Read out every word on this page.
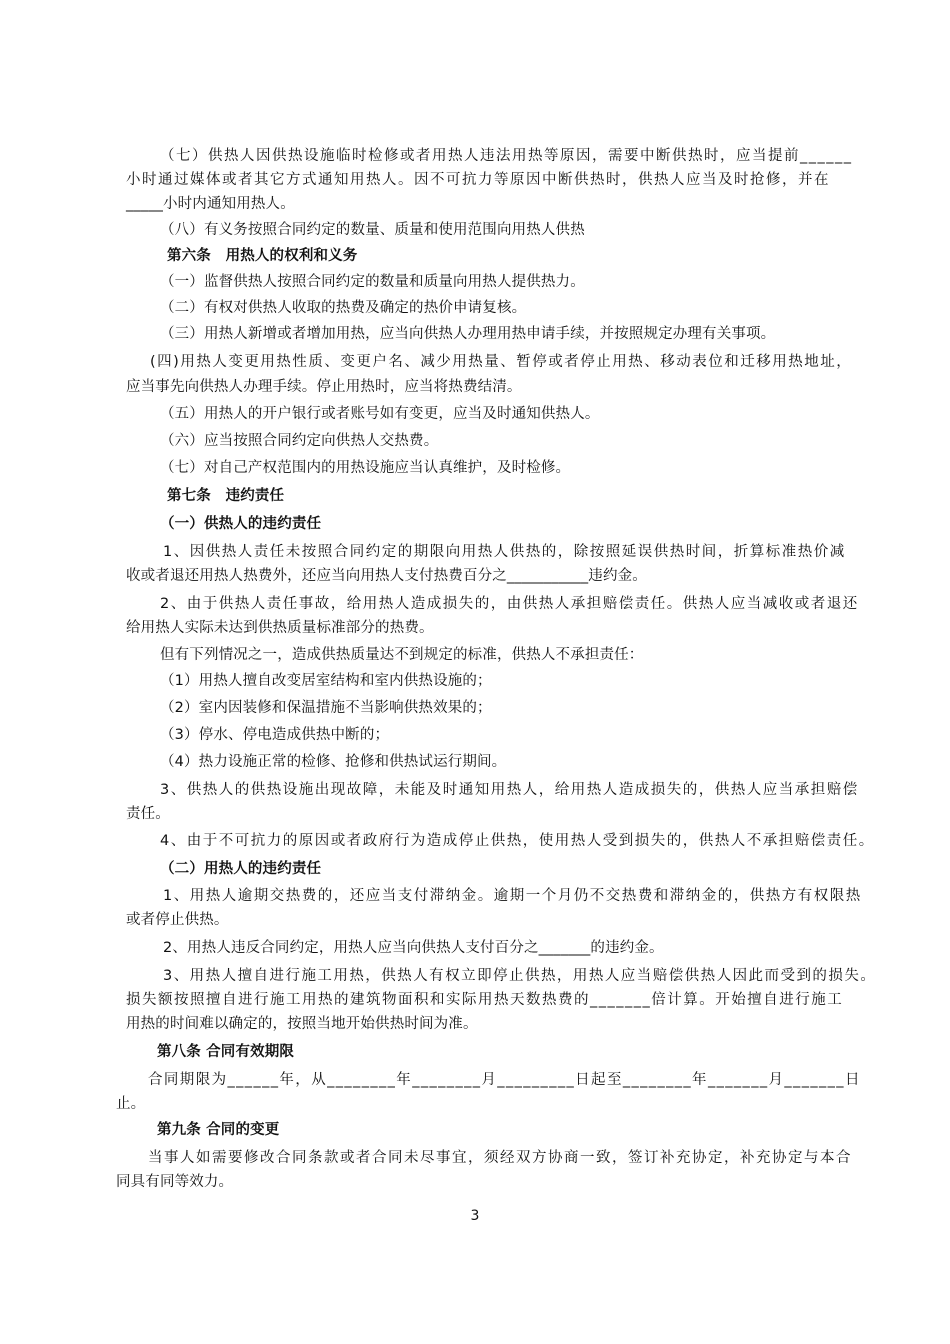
（七）供热人因供热设施临时检修或者用热人违法用热等原因，需要中断供热时，应当提前______
小时通过媒体或者其它方式通知用热人。因不可抗力等原因中断供热时，供热人应当及时抢修，并在
_____小时内通知用热人。
（八）有义务按照合同约定的数量、质量和使用范围向用热人供热
第六条　用热人的权利和义务
（一）监督供热人按照合同约定的数量和质量向用热人提供热力。
（二）有权对供热人收取的热费及确定的热价申请复核。
（三）用热人新增或者增加用热，应当向供热人办理用热申请手续，并按照规定办理有关事项。
(四)用热人变更用热性质、变更户名、减少用热量、暂停或者停止用热、移动表位和迁移用热地址，
应当事先向供热人办理手续。停止用热时，应当将热费结清。
（五）用热人的开户银行或者账号如有变更，应当及时通知供热人。
（六）应当按照合同约定向供热人交热费。
（七）对自己产权范围内的用热设施应当认真维护，及时检修。
第七条　违约责任
（一）供热人的违约责任
1、因供热人责任未按照合同约定的期限向用热人供热的，除按照延误供热时间，折算标准热价减
收或者退还用热人热费外，还应当向用热人支付热费百分之___________违约金。
2、由于供热人责任事故，给用热人造成损失的，由供热人承担赔偿责任。供热人应当减收或者退还
给用热人实际未达到供热质量标准部分的热费。
但有下列情况之一，造成供热质量达不到规定的标准，供热人不承担责任：
（1）用热人擅自改变居室结构和室内供热设施的；
（2）室内因装修和保温措施不当影响供热效果的；
（3）停水、停电造成供热中断的；
（4）热力设施正常的检修、抢修和供热试运行期间。
3、供热人的供热设施出现故障，未能及时通知用热人，给用热人造成损失的，供热人应当承担赔偿
责任。
4、由于不可抗力的原因或者政府行为造成停止供热，使用热人受到损失的，供热人不承担赔偿责任。
（二）用热人的违约责任
1、用热人逾期交热费的，还应当支付滞纳金。逾期一个月仍不交热费和滞纳金的，供热方有权限热
或者停止供热。
2、用热人违反合同约定，用热人应当向供热人支付百分之_______的违约金。
3、用热人擅自进行施工用热，供热人有权立即停止供热，用热人应当赔偿供热人因此而受到的损失。
损失额按照擅自进行施工用热的建筑物面积和实际用热天数热费的_______倍计算。开始擅自进行施工
用热的时间难以确定的，按照当地开始供热时间为准。
第八条 合同有效期限
合同期限为______年，从________年________月_________日起至________年_______月_______日
止。
第九条 合同的变更
当事人如需要修改合同条款或者合同未尽事宜，须经双方协商一致，签订补充协定，补充协定与本合
同具有同等效力。
3
